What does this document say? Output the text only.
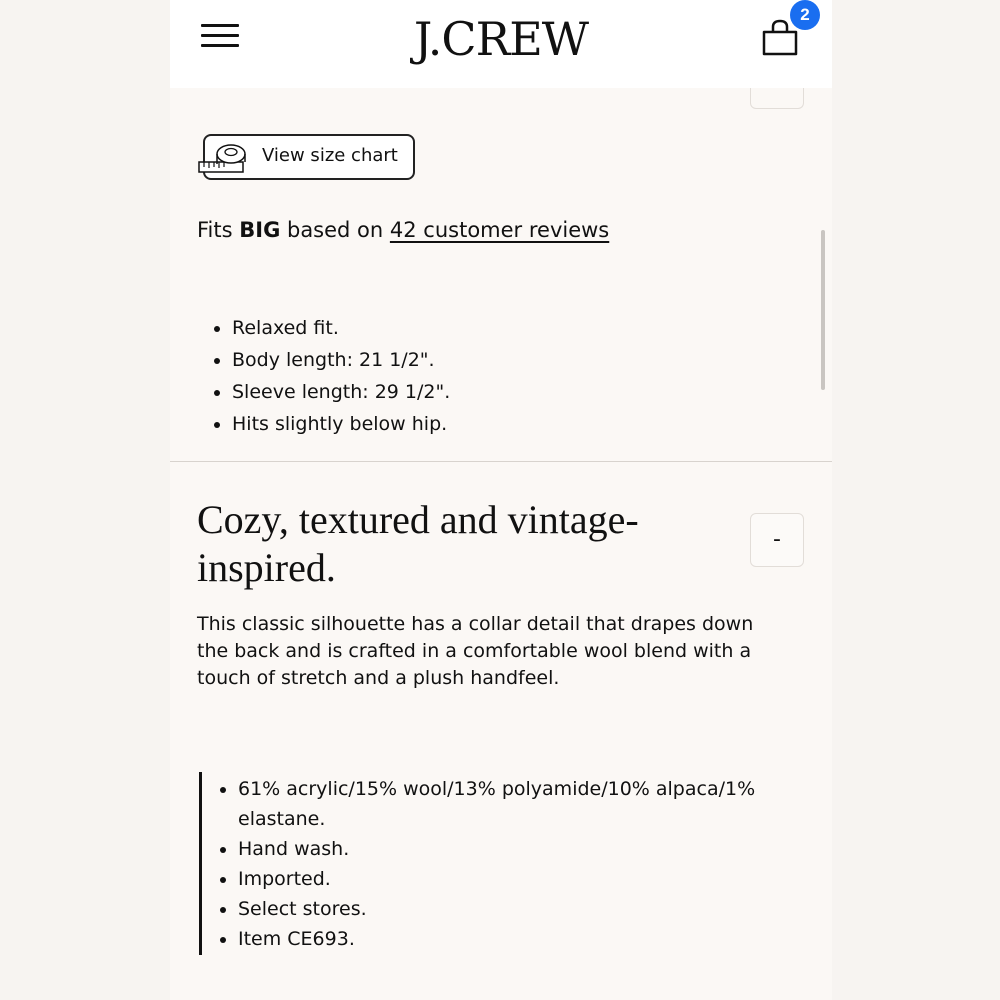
J.CREW	2
View size chart
Fits BIG based on 42 customer reviews
• Relaxed fit.
• Body length: 21 1/2".
• Sleeve length: 29 1/2".
• Hits slightly below hip.
Cozy, textured and vintage-inspired.
-
This classic silhouette has a collar detail that drapes down the back and is crafted in a comfortable wool blend with a touch of stretch and a plush handfeel.
• 61% acrylic/15% wool/13% polyamide/10% alpaca/1% elastane.
• Hand wash.
• Imported.
• Select stores.
• Item CE693.
